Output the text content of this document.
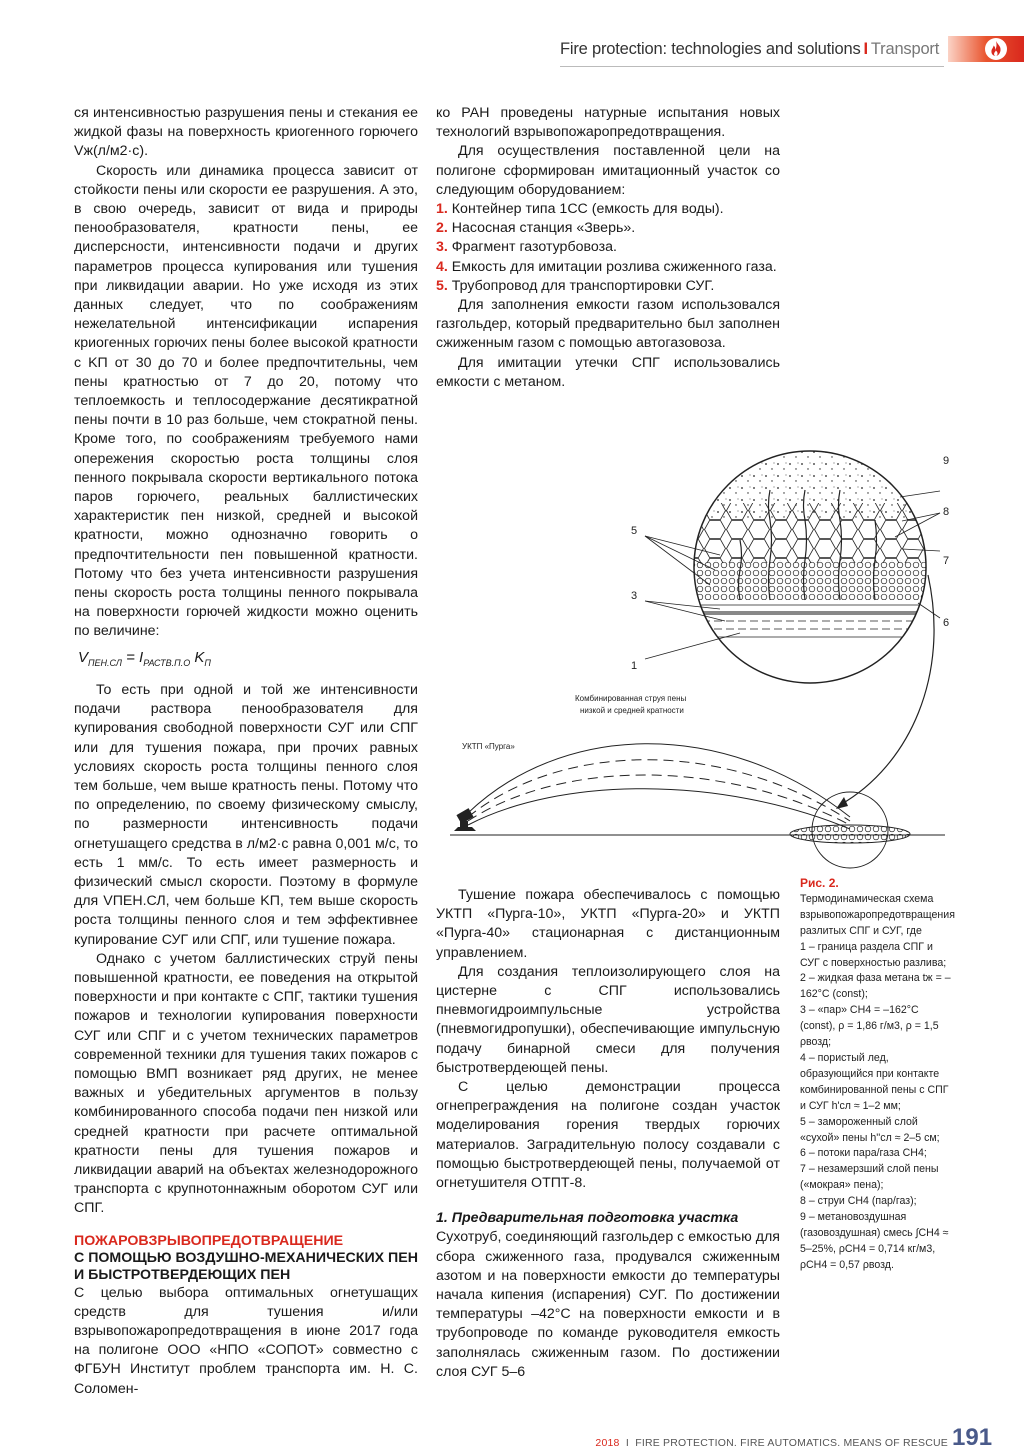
Fire protection: technologies and solutions I Transport

ся интенсивностью разрушения пены и стекания ее жидкой фазы на поверхность криогенного горючего Vж(л/м2·с).

Скорость или динамика процесса зависит от стойкости пены или скорости ее разрушения. А это, в свою очередь, зависит от вида и природы пенообразователя, кратности пены, ее дисперсности, интенсивности подачи и других параметров процесса купирования или тушения при ликвидации аварии. Но уже исходя из этих данных следует, что по соображениям нежелательной интенсификации испарения криогенных горючих пены более высокой кратности с KП от 30 до 70 и более предпочтительны, чем пены кратностью от 7 до 20, потому что теплоемкость и теплосодержание десятикратной пены почти в 10 раз больше, чем стократной пены. Кроме того, по соображениям требуемого нами опережения скоростью роста толщины слоя пенного покрывала скорости вертикального потока паров горючего, реальных баллистических характеристик пен низкой, средней и высокой кратности, можно однозначно говорить о предпочтительности пен повышенной кратности. Потому что без учета интенсивности разрушения пены скорость роста толщины пенного покрывала на поверхности горючей жидкости можно оценить по величине:

$V_{ПЕН.СЛ} = I_{РАСТВ.П.О}$ $K_П$

То есть при одной и той же интенсивности подачи раствора пенообразователя для купирования свободной поверхности СУГ или СПГ или для тушения пожара, при прочих равных условиях скорость роста толщины пенного слоя тем больше, чем выше кратность пены. Потому что по определению, по своему физическому смыслу, по размерности интенсивность подачи огнетушащего средства в л/м2·с равна 0,001 м/с, то есть 1 мм/с. То есть имеет размерность и физический смысл скорости. Поэтому в формуле для VПЕН.СЛ, чем больше KП, тем выше скорость роста толщины пенного слоя и тем эффективнее купирование СУГ или СПГ, или тушение пожара.

Однако с учетом баллистических струй пены повышенной кратности, ее поведения на открытой поверхности и при контакте с СПГ, тактики тушения пожаров и технологии купирования поверхности СУГ или СПГ и с учетом технических параметров современной техники для тушения таких пожаров с помощью ВМП возникает ряд других, не менее важных и убедительных аргументов в пользу комбинированного способа подачи пен низкой или средней кратности при расчете оптимальной кратности пены для тушения пожаров и ликвидации аварий на объектах железнодорожного транспорта с крупнотоннажным оборотом СУГ или СПГ.

ПОЖАРОВЗРЫВОПРЕДОТВРАЩЕНИЕ
С ПОМОЩЬЮ ВОЗДУШНО-МЕХАНИЧЕСКИХ ПЕН И БЫСТРОТВЕРДЕЮЩИХ ПЕН

С целью выбора оптимальных огнетушащих средств для тушения и/или взрывопожаропредотвращения в июне 2017 года на полигоне ООО «НПО «СОПОТ» совместно с ФГБУН Институт проблем транспорта им. Н. С. Соломен-

ко РАН проведены натурные испытания новых технологий взрывопожаропредотвращения.

Для осуществления поставленной цели на полигоне сформирован имитационный участок со следующим оборудованием:

1. Контейнер типа 1СС (емкость для воды).

2. Насосная станция «Зверь».

3. Фрагмент газотурбовоза.

4. Емкость для имитации розлива сжиженного газа.

5. Трубопровод для транспортировки СУГ.

Для заполнения емкости газом использовался газгольдер, который предварительно был заполнен сжиженным газом с помощью автогазовоза.

Для имитации утечки СПГ использовались емкости с метаном.

9
8
7
6
5
3
1
Комбинированная струя пены
низкой и средней кратности
УКТП «Пурга»

Тушение пожара обеспечивалось с помощью УКТП «Пурга-10», УКТП «Пурга-20» и УКТП «Пурга-40» стационарная с дистанционным управлением.

Для создания теплоизолирующего слоя на цистерне с СПГ использовались пневмогидроимпульсные устройства (пневмогидропушки), обеспечивающие импульсную подачу бинарной смеси для получения быстротвердеющей пены.

С целью демонстрации процесса огнепреграждения на полигоне создан участок моделирования горения твердых горючих материалов. Заградительную полосу создавали с помощью быстротвердеющей пены, получаемой от огнетушителя ОТПТ-8.

1. Предварительная подготовка участка

Сухотруб, соединяющий газгольдер с емкостью для сбора сжиженного газа, продувался сжиженным азотом и на поверхности емкости до температуры начала кипения (испарения) СУГ. По достижении температуры –42°С на поверхности емкости и в трубопроводе по команде руководителя емкость заполнялась сжиженным газом. По достижении слоя СУГ 5–6

Рис. 2.

Термодинамическая схема взрывопожаропредотвращения разлитых СПГ и СУГ, где

1 – граница раздела СПГ и СУГ с поверхностью разлива;

2 – жидкая фаза метана tж = –162°С (const);

3 – «пар» СН4 = –162°С (const), ρ = 1,86 г/м3, ρ = 1,5 ρвозд;

4 – пористый лед, образующийся при контакте комбинированной пены с СПГ и СУГ h'сл ≈ 1–2 мм;

5 – замороженный слой «сухой» пены h''сл ≈ 2–5 см;

6 – потоки пара/газа СН4;

7 – незамерзший слой пены («мокрая» пена);

8 – струи СН4 (пар/газ);

9 – метановоздушная (газовоздушная) смесь ∫СН4 ≈ 5–25%, ρСН4 = 0,714 кг/м3, ρСН4 = 0,57 ρвозд.

2018 I FIRE PROTECTION. FIRE AUTOMATICS. MEANS OF RESCUE 191
